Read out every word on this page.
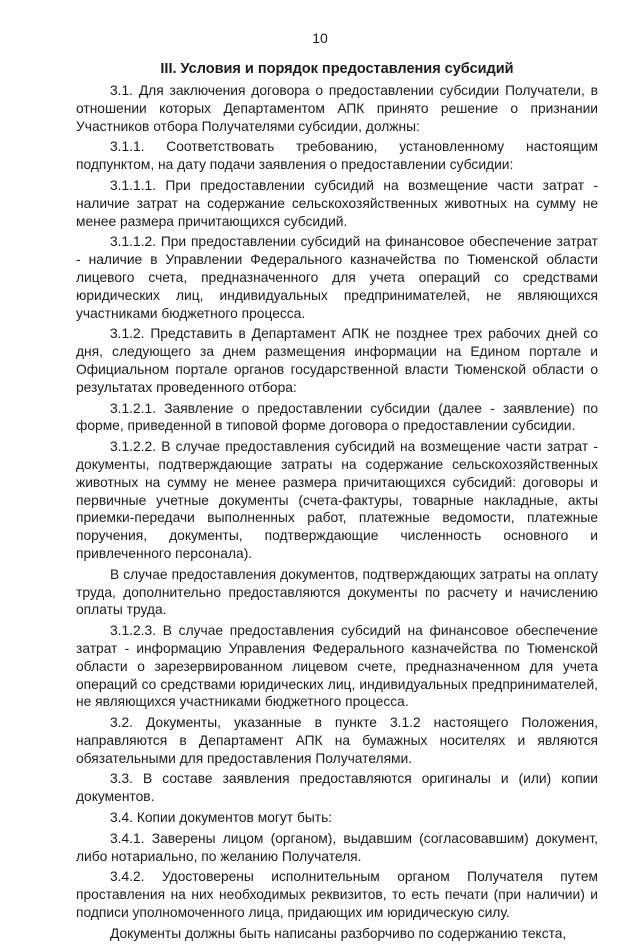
10
III. Условия и порядок предоставления субсидий

3.1. Для заключения договора о предоставлении субсидии Получатели, в отношении которых Департаментом АПК принято решение о признании Участников отбора Получателями субсидии, должны:

3.1.1. Соответствовать требованию, установленному настоящим подпунктом, на дату подачи заявления о предоставлении субсидии:

3.1.1.1. При предоставлении субсидий на возмещение части затрат - наличие затрат на содержание сельскохозяйственных животных на сумму не менее размера причитающихся субсидий.

3.1.1.2. При предоставлении субсидий на финансовое обеспечение затрат - наличие в Управлении Федерального казначейства по Тюменской области лицевого счета, предназначенного для учета операций со средствами юридических лиц, индивидуальных предпринимателей, не являющихся участниками бюджетного процесса.

3.1.2. Представить в Департамент АПК не позднее трех рабочих дней со дня, следующего за днем размещения информации на Едином портале и Официальном портале органов государственной власти Тюменской области о результатах проведенного отбора:

3.1.2.1. Заявление о предоставлении субсидии (далее - заявление) по форме, приведенной в типовой форме договора о предоставлении субсидии.

3.1.2.2. В случае предоставления субсидий на возмещение части затрат - документы, подтверждающие затраты на содержание сельскохозяйственных животных на сумму не менее размера причитающихся субсидий: договоры и первичные учетные документы (счета-фактуры, товарные накладные, акты приемки-передачи выполненных работ, платежные ведомости, платежные поручения, документы, подтверждающие численность основного и привлеченного персонала).

В случае предоставления документов, подтверждающих затраты на оплату труда, дополнительно предоставляются документы по расчету и начислению оплаты труда.

3.1.2.3. В случае предоставления субсидий на финансовое обеспечение затрат - информацию Управления Федерального казначейства по Тюменской области о зарезервированном лицевом счете, предназначенном для учета операций со средствами юридических лиц, индивидуальных предпринимателей, не являющихся участниками бюджетного процесса.

3.2. Документы, указанные в пункте 3.1.2 настоящего Положения, направляются в Департамент АПК на бумажных носителях и являются обязательными для предоставления Получателями.

3.3. В составе заявления предоставляются оригиналы и (или) копии документов.

3.4. Копии документов могут быть:

3.4.1. Заверены лицом (органом), выдавшим (согласовавшим) документ, либо нотариально, по желанию Получателя.

3.4.2. Удостоверены исполнительным органом Получателя путем проставления на них необходимых реквизитов, то есть печати (при наличии) и подписи уполномоченного лица, придающих им юридическую силу.

Документы должны быть написаны разборчиво по содержанию текста,
